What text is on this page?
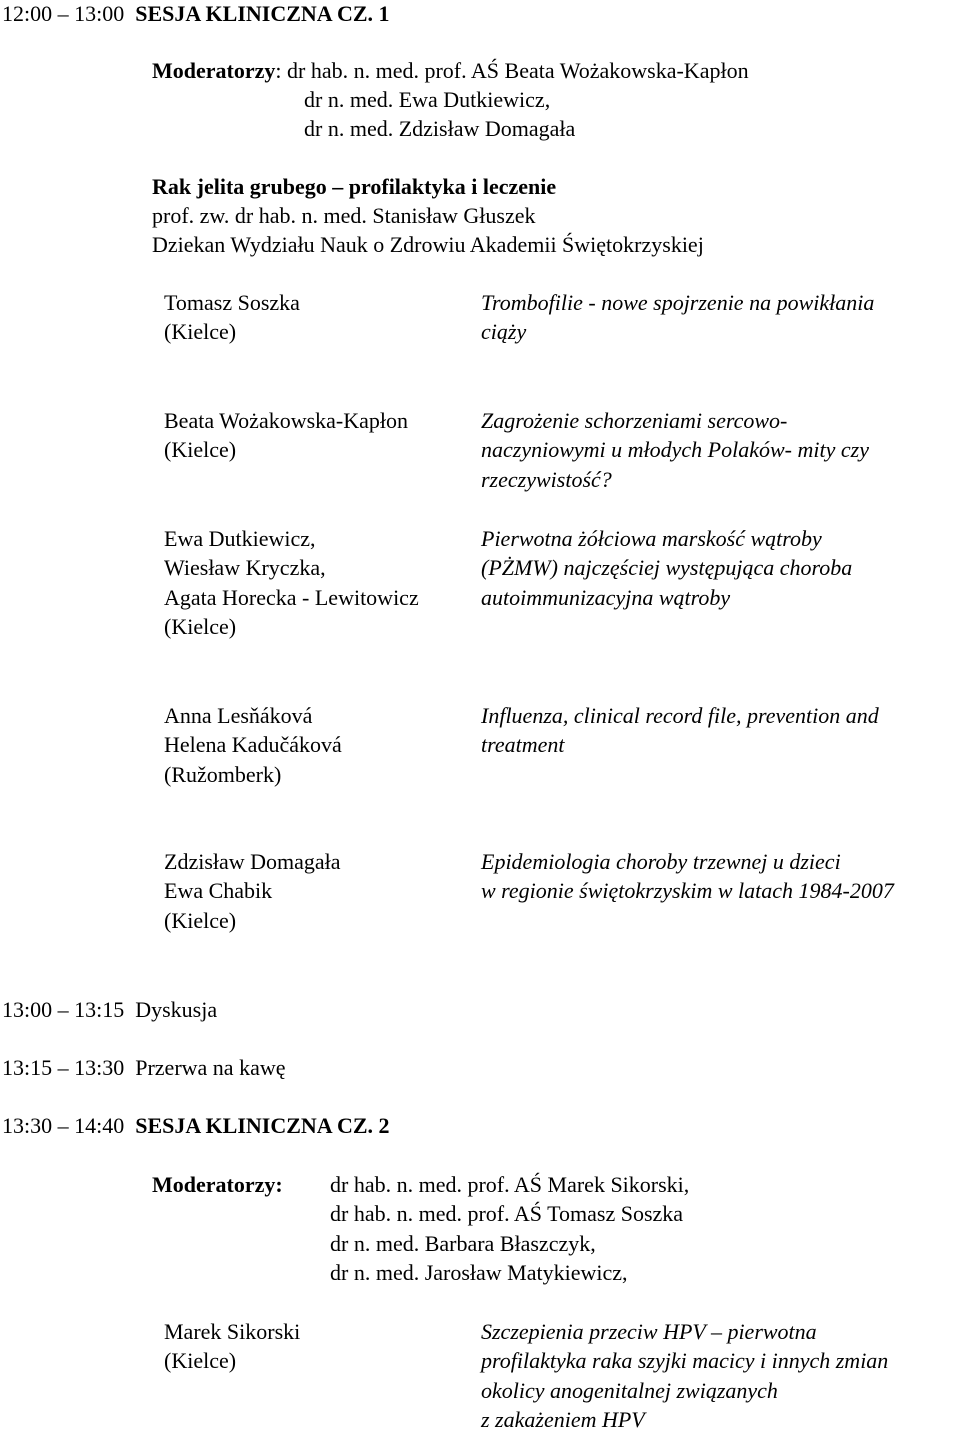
12:00 – 13:00 SESJA KLINICZNA CZ. 1
Moderatorzy: dr hab. n. med. prof. AŚ Beata Wożakowska-Kapłon
dr n. med. Ewa Dutkiewicz,
dr n. med. Zdzisław Domagała
Rak jelita grubego – profilaktyka i leczenie
prof. zw. dr hab. n. med. Stanisław Głuszek
Dziekan Wydziału Nauk o Zdrowiu Akademii Świętokrzyskiej
Tomasz Soszka
(Kielce)
Trombofilie - nowe spojrzenie na powikłania
ciąży
Beata Wożakowska-Kapłon
(Kielce)
Zagrożenie schorzeniami sercowo-
naczyniowymi u młodych Polaków- mity czy
rzeczywistość?
Ewa Dutkiewicz,
Wiesław Kryczka,
Agata Horecka - Lewitowicz
(Kielce)
Pierwotna żółciowa marskość wątroby
(PŻMW) najczęściej występująca choroba
autoimmunizacyjna wątroby
Anna Lesňáková
Helena Kadučáková
(Ružomberk)
Influenza, clinical record file, prevention and
treatment
Zdzisław Domagała
Ewa Chabik
(Kielce)
Epidemiologia choroby trzewnej u dzieci
w regionie świętokrzyskim w latach 1984-2007
13:00 – 13:15 Dyskusja
13:15 – 13:30 Przerwa na kawę
13:30 – 14:40 SESJA KLINICZNA CZ. 2
Moderatorzy: dr hab. n. med. prof. AŚ Marek Sikorski,
dr hab. n. med. prof. AŚ Tomasz Soszka
dr n. med. Barbara Błaszczyk,
dr n. med. Jarosław Matykiewicz,
Marek Sikorski
(Kielce)
Szczepienia przeciw HPV – pierwotna
profilaktyka raka szyjki macicy i innych zmian
okolicy anogenitalnej związanych
z zakażeniem HPV
